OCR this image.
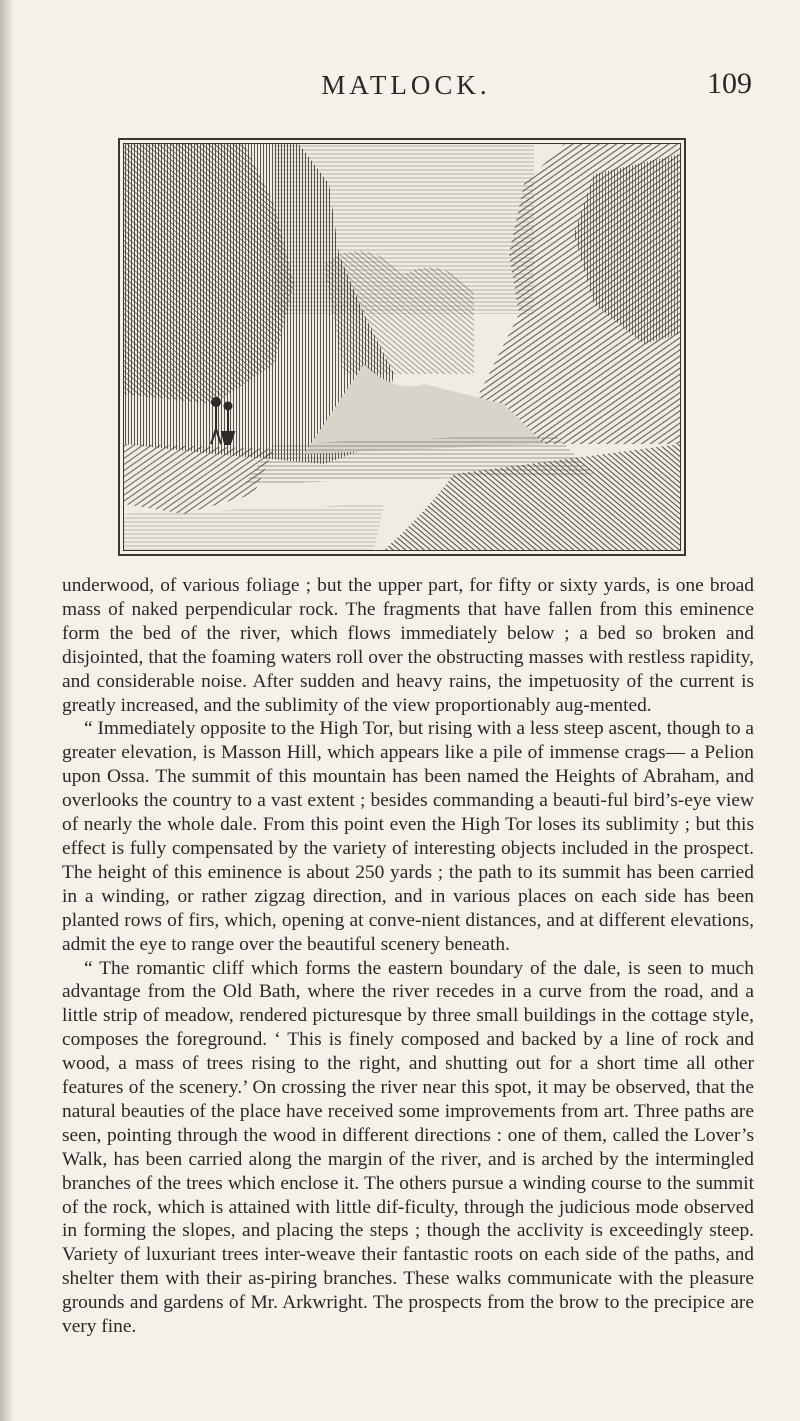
MATLOCK.	109

underwood, of various foliage ; but the upper part, for fifty or sixty yards, is one broad mass of naked perpendicular rock. The fragments that have fallen from this eminence form the bed of the river, which flows immediately below ; a bed so broken and disjointed, that the foaming waters roll over the obstructing masses with restless rapidity, and considerable noise. After sudden and heavy rains, the impetuosity of the current is greatly increased, and the sublimity of the view proportionably aug-mented.

“ Immediately opposite to the High Tor, but rising with a less steep ascent, though to a greater elevation, is Masson Hill, which appears like a pile of immense crags— a Pelion upon Ossa. The summit of this mountain has been named the Heights of Abraham, and overlooks the country to a vast extent ; besides commanding a beauti-ful bird’s-eye view of nearly the whole dale. From this point even the High Tor loses its sublimity ; but this effect is fully compensated by the variety of interesting objects included in the prospect. The height of this eminence is about 250 yards ; the path to its summit has been carried in a winding, or rather zigzag direction, and in various places on each side has been planted rows of firs, which, opening at conve-nient distances, and at different elevations, admit the eye to range over the beautiful scenery beneath.

“ The romantic cliff which forms the eastern boundary of the dale, is seen to much advantage from the Old Bath, where the river recedes in a curve from the road, and a little strip of meadow, rendered picturesque by three small buildings in the cottage style, composes the foreground. ‘ This is finely composed and backed by a line of rock and wood, a mass of trees rising to the right, and shutting out for a short time all other features of the scenery.’ On crossing the river near this spot, it may be observed, that the natural beauties of the place have received some improvements from art. Three paths are seen, pointing through the wood in different directions : one of them, called the Lover’s Walk, has been carried along the margin of the river, and is arched by the intermingled branches of the trees which enclose it. The others pursue a winding course to the summit of the rock, which is attained with little dif-ficulty, through the judicious mode observed in forming the slopes, and placing the steps ; though the acclivity is exceedingly steep. Variety of luxuriant trees inter-weave their fantastic roots on each side of the paths, and shelter them with their as-piring branches. These walks communicate with the pleasure grounds and gardens of Mr. Arkwright. The prospects from the brow to the precipice are very fine.
